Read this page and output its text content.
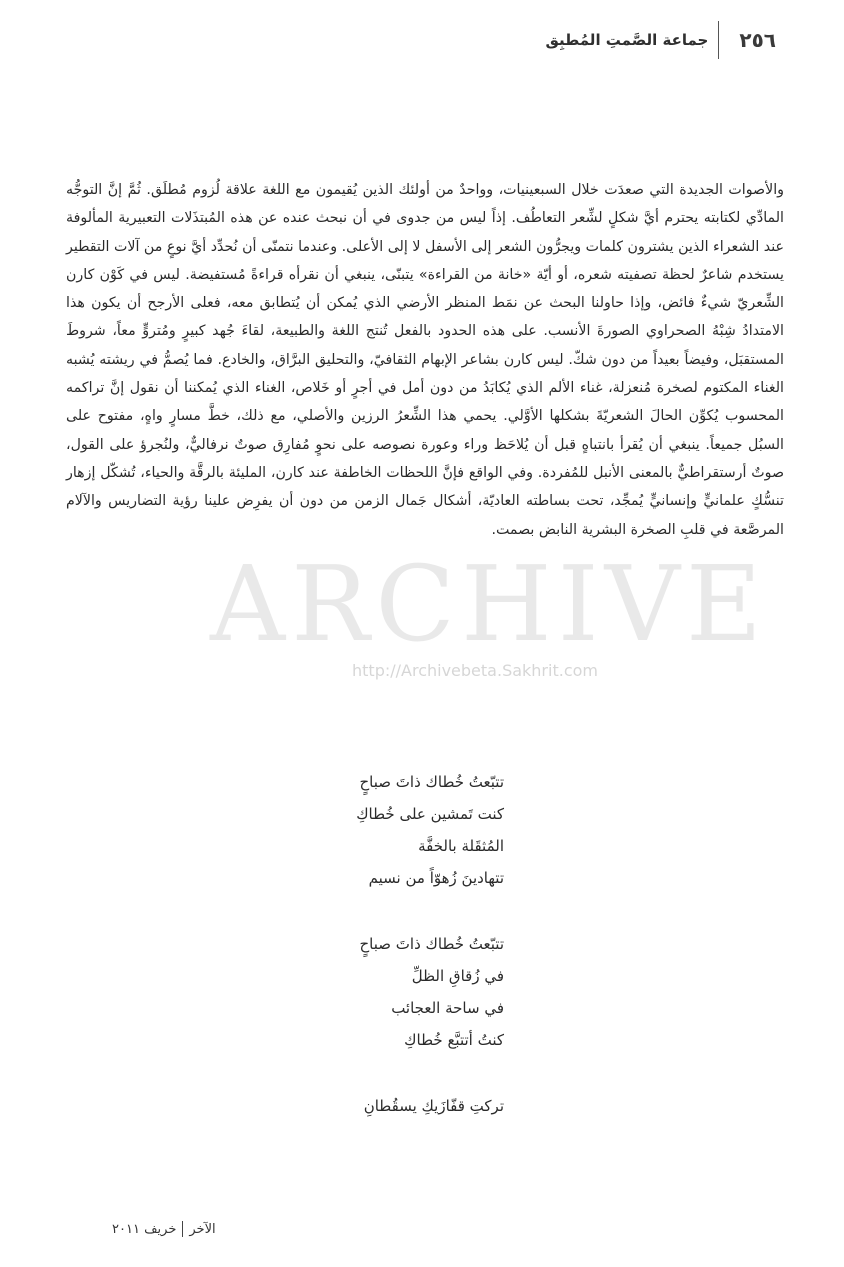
٢٥٦
جماعة الصَّمتِ المُطبِق

والأصوات الجديدة التي صعدَت خلال السبعينيات، وواحدٌ من أولئك الذين يُقيمون مع اللغة علاقة لُزوم مُطلَق. ثُمَّ إنَّ التوجُّه المادِّي لكتابته يحترم أيَّ شكلٍ لشِّعر التعاطُف. إذاً ليس من جدوى في أن نبحث عنده عن هذه المُبتذَلات التعبيرية المألوفة عند الشعراء الذين يشترون كلمات ويجرُّون الشعر إلى الأسفل لا إلى الأعلى. وعندما نتمنّى أن نُحدِّد أيَّ نوعٍ من آلات التقطير يستخدم شاعرٌ لحظة تصفيته شعره، أو أيّة «خانة من القراءة» يتبنّى، ينبغي أن نقرأه قراءةً مُستفيضة. ليس في كَوْن كارن الشِّعريّ شيءٌ فائض، وإذا حاولنا البحث عن نمَط المنظر الأرضي الذي يُمكن أن يُتطابق معه، فعلى الأرجح أن يكون هذا الامتدادُ شِبْهُ الصحراوي الصورةَ الأنسب. على هذه الحدود بالفعل تُنتج اللغة والطبيعة، لقاءَ جُهد كبيرٍ ومُتروٍّ معاً، شروطَ المستقبَل، وفيضاً بعيداً من دون شكّ. ليس كارن بشاعر الإبهام الثقافيّ، والتحليق البرَّاق، والخادع. فما يُصمُّ في ريشته يُشبه الغناء المكتوم لصخرة مُنعزلة، غناء الألم الذي يُكابَدُ من دون أمل في أجرٍ أو خَلاص، الغناء الذي يُمكننا أن نقول إنَّ تراكمه المحسوب يُكوِّن الحالَ الشعريّةَ بشكلها الأوَّلي. يحمي هذا الشِّعرُ الرزين والأصلي، مع ذلك، خطَّ مسارٍ واهٍ، مفتوح على السبُل جميعاً. ينبغي أن يُقرأ بانتباهٍ قبل أن يُلاحَظ وراء وعورة نصوصه على نحوٍ مُفارِق صوتٌ نرفاليٌّ، ولنُجرؤ على القول، صوتٌ أرستقراطيٌّ بالمعنى الأنبل للمُفردة. وفي الواقع فإنَّ اللحظات الخاطفة عند كارن، المليئة بالرقَّة والحياء، تُشكّل إزهار تنسُّكٍ علمانيٍّ وإنسانيٍّ يُمجِّد، تحت بساطته العاديّة، أشكال جَمال الزمن من دون أن يفرِض علينا رؤية التضاريس والآلام المرصَّعة في قلبِ الصخرة البشرية النابض بصمت.

ARCHIVE
http://Archivebeta.Sakhrit.com
تتبّعتُ خُطاك ذاتَ صباحٍ
كنت تَمشين على خُطاكِ
المُثقَلة بالخفَّة
تتهادينَ زُهوّاً من نسيم
تتبّعتُ خُطاك ذاتَ صباحٍ
في زُقاقِ الظلِّ
في ساحة العجائب
كنتُ أتتبَّع خُطاكِ
تركتِ قفّازَيكِ يسقُطانِ
الآخر
خريف ٢٠١١
